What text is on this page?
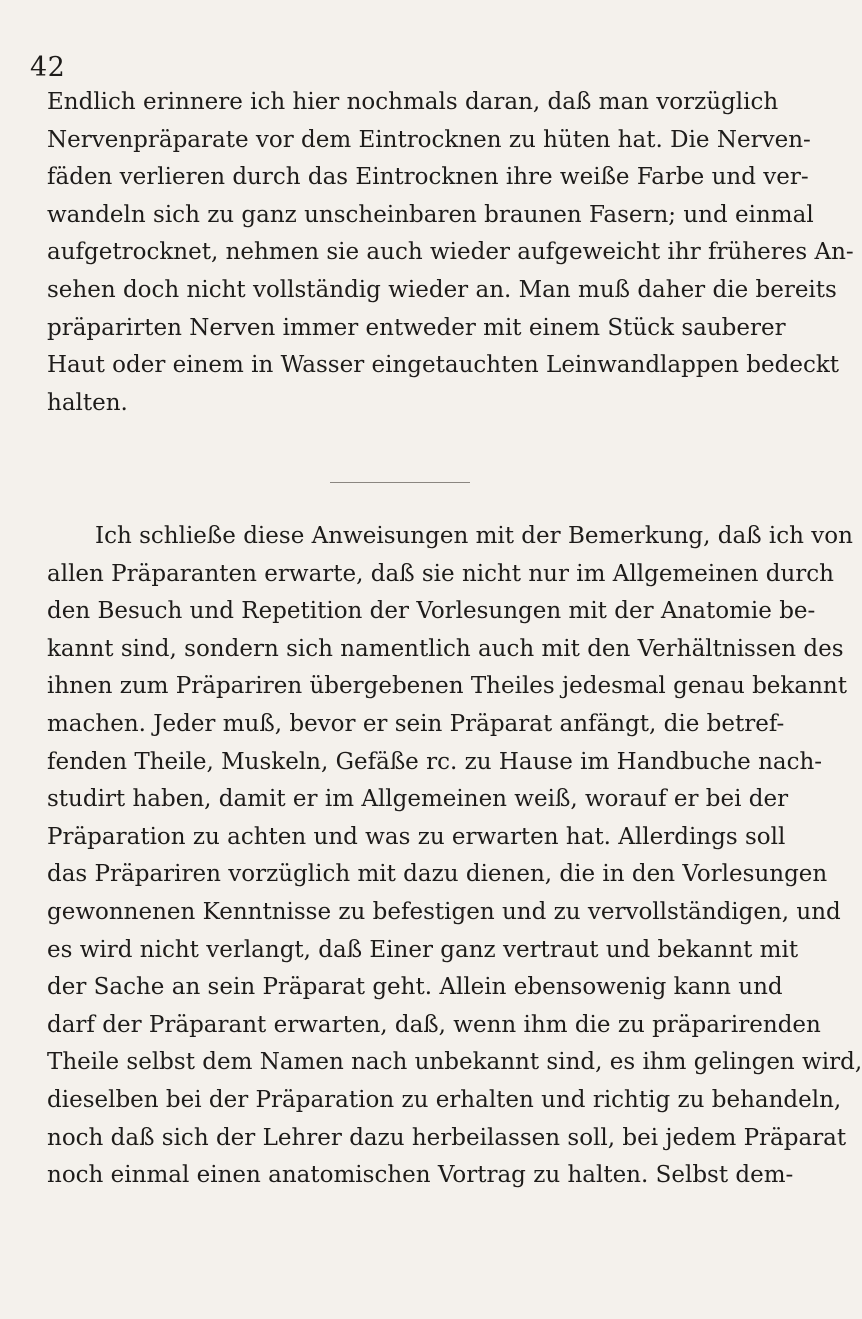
42
Endlich erinnere ich hier nochmals daran, daß man vorzüglich
Nervenpräparate vor dem Eintrocknen zu hüten hat. Die Nerven-
fäden verlieren durch das Eintrocknen ihre weiße Farbe und ver-
wandeln sich zu ganz unscheinbaren braunen Fasern; und einmal
aufgetrocknet, nehmen sie auch wieder aufgeweicht ihr früheres An-
sehen doch nicht vollständig wieder an. Man muß daher die bereits
präparirten Nerven immer entweder mit einem Stück sauberer
Haut oder einem in Wasser eingetauchten Leinwandlappen bedeckt
halten.
Ich schließe diese Anweisungen mit der Bemerkung, daß ich von
allen Präparanten erwarte, daß sie nicht nur im Allgemeinen durch
den Besuch und Repetition der Vorlesungen mit der Anatomie be-
kannt sind, sondern sich namentlich auch mit den Verhältnissen des
ihnen zum Präpariren übergebenen Theiles jedesmal genau bekannt
machen. Jeder muß, bevor er sein Präparat anfängt, die betref-
fenden Theile, Muskeln, Gefäße rc. zu Hause im Handbuche nach-
studirt haben, damit er im Allgemeinen weiß, worauf er bei der
Präparation zu achten und was zu erwarten hat. Allerdings soll
das Präpariren vorzüglich mit dazu dienen, die in den Vorlesungen
gewonnenen Kenntnisse zu befestigen und zu vervollständigen, und
es wird nicht verlangt, daß Einer ganz vertraut und bekannt mit
der Sache an sein Präparat geht. Allein ebensowenig kann und
darf der Präparant erwarten, daß, wenn ihm die zu präparirenden
Theile selbst dem Namen nach unbekannt sind, es ihm gelingen wird,
dieselben bei der Präparation zu erhalten und richtig zu behandeln,
noch daß sich der Lehrer dazu herbeilassen soll, bei jedem Präparat
noch einmal einen anatomischen Vortrag zu halten. Selbst dem-
